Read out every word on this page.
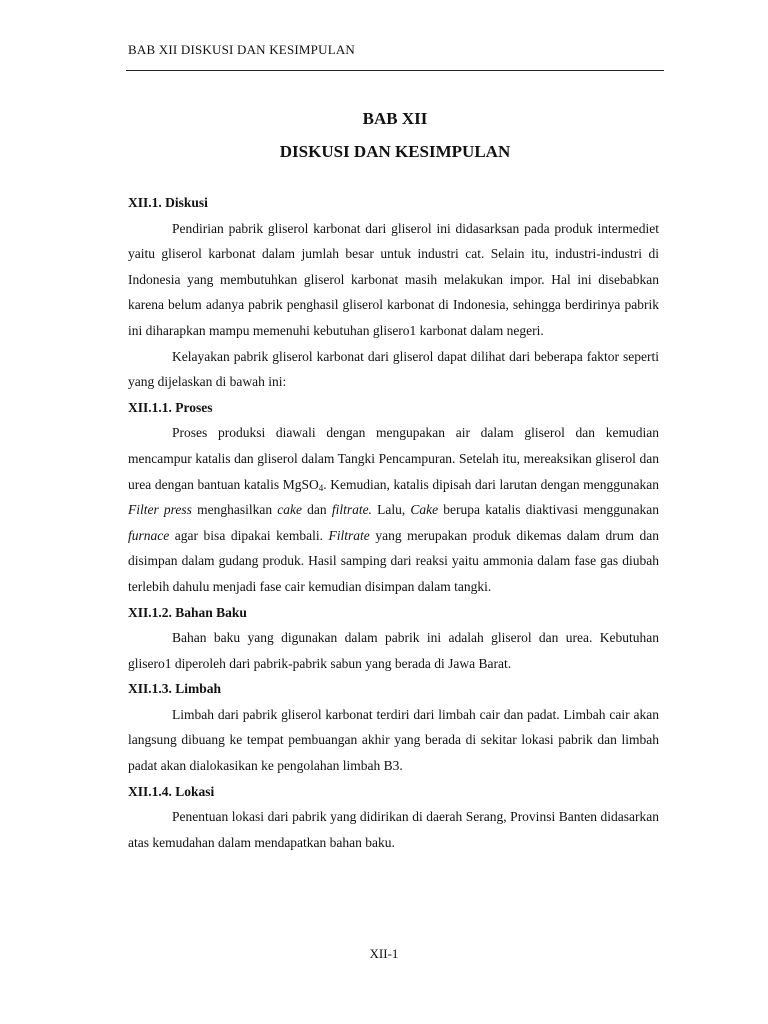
BAB XII DISKUSI DAN KESIMPULAN
BAB XII
DISKUSI DAN KESIMPULAN

XII.1. Diskusi

Pendirian pabrik gliserol karbonat dari gliserol ini didasarksan pada produk intermediet yaitu gliserol karbonat dalam jumlah besar untuk industri cat. Selain itu, industri-industri di Indonesia yang membutuhkan gliserol karbonat masih melakukan impor. Hal ini disebabkan karena belum adanya pabrik penghasil gliserol karbonat di Indonesia, sehingga berdirinya pabrik ini diharapkan mampu memenuhi kebutuhan glisero1 karbonat dalam negeri.

Kelayakan pabrik gliserol karbonat dari gliserol dapat dilihat dari beberapa faktor seperti yang dijelaskan di bawah ini:

XII.1.1. Proses

Proses produksi diawali dengan mengupakan air dalam gliserol dan kemudian mencampur katalis dan gliserol dalam Tangki Pencampuran. Setelah itu, mereaksikan gliserol dan urea dengan bantuan katalis MgSO$_4$. Kemudian, katalis dipisah dari larutan dengan menggunakan Filter press menghasilkan cake dan filtrate. Lalu, Cake berupa katalis diaktivasi menggunakan furnace agar bisa dipakai kembali. Filtrate yang merupakan produk dikemas dalam drum dan disimpan dalam gudang produk. Hasil samping dari reaksi yaitu ammonia dalam fase gas diubah terlebih dahulu menjadi fase cair kemudian disimpan dalam tangki.

XII.1.2. Bahan Baku

Bahan baku yang digunakan dalam pabrik ini adalah gliserol dan urea. Kebutuhan glisero1 diperoleh dari pabrik-pabrik sabun yang berada di Jawa Barat.

XII.1.3. Limbah

Limbah dari pabrik gliserol karbonat terdiri dari limbah cair dan padat. Limbah cair akan langsung dibuang ke tempat pembuangan akhir yang berada di sekitar lokasi pabrik dan limbah padat akan dialokasikan ke pengolahan limbah B3.

XII.1.4. Lokasi

Penentuan lokasi dari pabrik yang didirikan di daerah Serang, Provinsi Banten didasarkan atas kemudahan dalam mendapatkan bahan baku.

XII-1
